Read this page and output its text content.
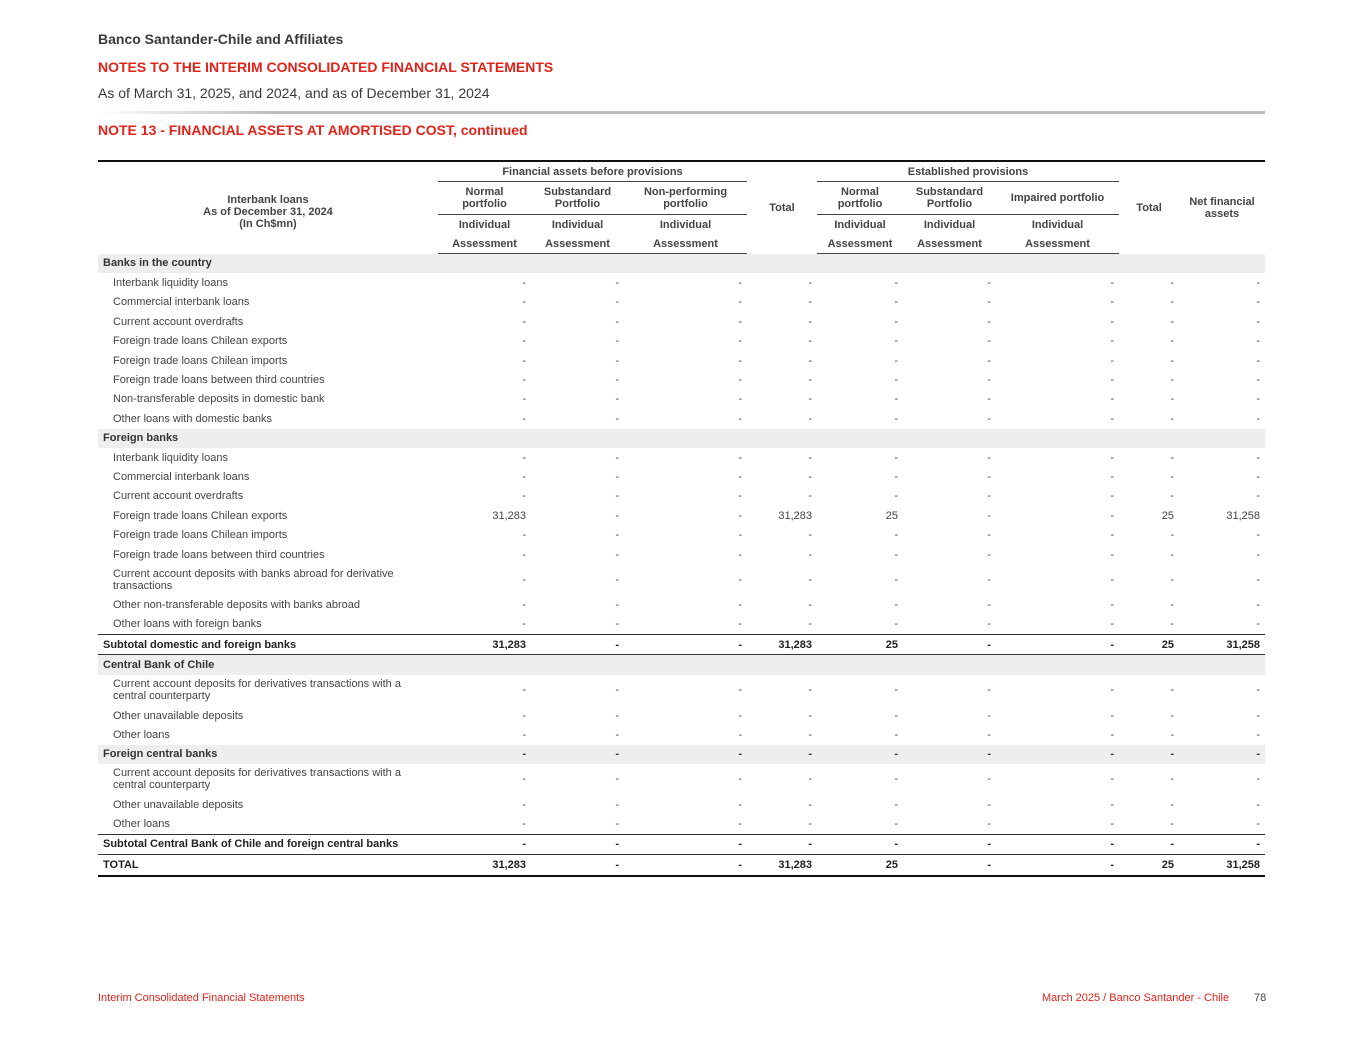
Banco Santander-Chile and Affiliates
NOTES TO THE INTERIM CONSOLIDATED FINANCIAL STATEMENTS
As of March 31, 2025, and 2024, and as of December 31, 2024
NOTE 13 - FINANCIAL ASSETS AT AMORTISED COST, continued
Interbank loans
As of December 31, 2024
(In Ch$mn)	Financial assets before provisions			Total	Established provisions			Total	Net financial assets
	Normal portfolio	Substandard Portfolio	Non-performing portfolio		Normal portfolio	Substandard Portfolio	Impaired portfolio		
	Individual	Individual	Individual		Individual	Individual	Individual		
	Assessment	Assessment	Assessment		Assessment	Assessment	Assessment		
Banks in the country									
Interbank liquidity loans	-	-	-	-	-	-	-	-	-
Commercial interbank loans	-	-	-	-	-	-	-	-	-
Current account overdrafts	-	-	-	-	-	-	-	-	-
Foreign trade loans Chilean exports	-	-	-	-	-	-	-	-	-
Foreign trade loans Chilean imports	-	-	-	-	-	-	-	-	-
Foreign trade loans between third countries	-	-	-	-	-	-	-	-	-
Non-transferable deposits in domestic bank	-	-	-	-	-	-	-	-	-
Other loans with domestic banks	-	-	-	-	-	-	-	-	-
Foreign banks									
Interbank liquidity loans	-	-	-	-	-	-	-	-	-
Commercial interbank loans	-	-	-	-	-	-	-	-	-
Current account overdrafts	-	-	-	-	-	-	-	-	-
Foreign trade loans Chilean exports	31,283	-	-	31,283	25	-	-	25	31,258
Foreign trade loans Chilean imports	-	-	-	-	-	-	-	-	-
Foreign trade loans between third countries	-	-	-	-	-	-	-	-	-
Current account deposits with banks abroad for derivative transactions	-	-	-	-	-	-	-	-	-
Other non-transferable deposits with banks abroad	-	-	-	-	-	-	-	-	-
Other loans with foreign banks	-	-	-	-	-	-	-	-	-
Subtotal domestic and foreign banks	31,283	-	-	31,283	25	-	-	25	31,258
Central Bank of Chile									
Current account deposits for derivatives transactions with a central counterparty	-	-	-	-	-	-	-	-	-
Other unavailable deposits	-	-	-	-	-	-	-	-	-
Other loans	-	-	-	-	-	-	-	-	-
Foreign central banks	-	-	-	-	-	-	-	-	-
Current account deposits for derivatives transactions with a central counterparty	-	-	-	-	-	-	-	-	-
Other unavailable deposits	-	-	-	-	-	-	-	-	-
Other loans	-	-	-	-	-	-	-	-	-
Subtotal Central Bank of Chile and foreign central banks	-	-	-	-	-	-	-	-	-
TOTAL	31,283	-	-	31,283	25	-	-	25	31,258
Interim Consolidated Financial Statements	March 2025 / Banco Santander - Chile 78
